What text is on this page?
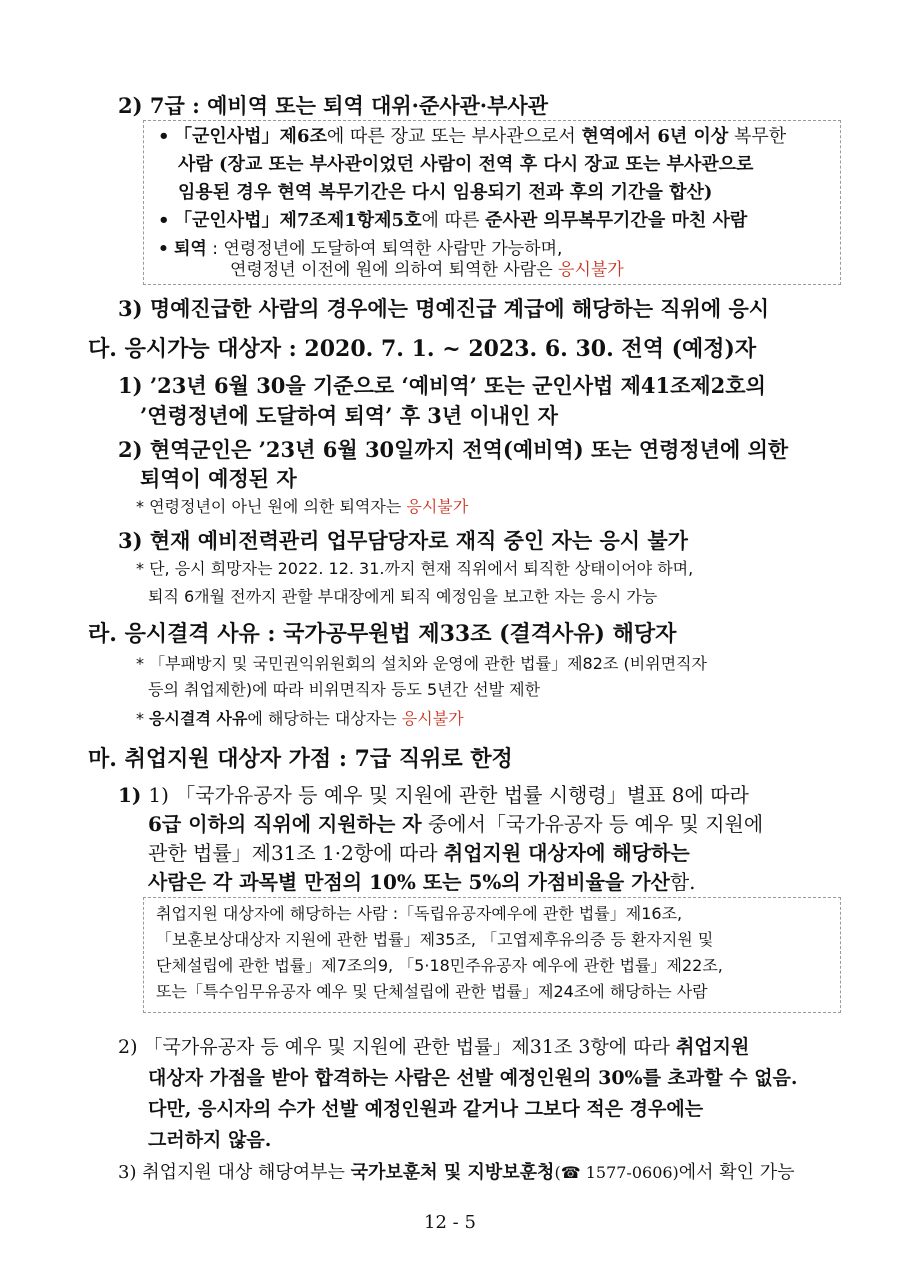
2) 7급 : 예비역 또는 퇴역 대위·준사관·부사관
• 「군인사법」제6조에 따른 장교 또는 부사관으로서 현역에서 6년 이상 복무한
사람 (장교 또는 부사관이었던 사람이 전역 후 다시 장교 또는 부사관으로
임용된 경우 현역 복무기간은 다시 임용되기 전과 후의 기간을 합산)
• 「군인사법」제7조제1항제5호에 따른 준사관 의무복무기간을 마친 사람
• 퇴역 : 연령정년에 도달하여 퇴역한 사람만 가능하며,
연령정년 이전에 원에 의하여 퇴역한 사람은 응시불가
3) 명예진급한 사람의 경우에는 명예진급 계급에 해당하는 직위에 응시
다. 응시가능 대상자 : 2020. 7. 1. ~ 2023. 6. 30. 전역 (예정)자
1) ’23년 6월 30을 기준으로 ‘예비역’ 또는 군인사법 제41조제2호의
’연령정년에 도달하여 퇴역’ 후 3년 이내인 자
2) 현역군인은 ’23년 6월 30일까지 전역(예비역) 또는 연령정년에 의한
퇴역이 예정된 자
* 연령정년이 아닌 원에 의한 퇴역자는 응시불가
3) 현재 예비전력관리 업무담당자로 재직 중인 자는 응시 불가
* 단, 응시 희망자는 2022. 12. 31.까지 현재 직위에서 퇴직한 상태이어야 하며,
퇴직 6개월 전까지 관할 부대장에게 퇴직 예정임을 보고한 자는 응시 가능
라. 응시결격 사유 : 국가공무원법 제33조 (결격사유) 해당자
* 「부패방지 및 국민권익위원회의 설치와 운영에 관한 법률」제82조 (비위면직자
등의 취업제한)에 따라 비위면직자 등도 5년간 선발 제한
* 응시결격 사유에 해당하는 대상자는 응시불가
마. 취업지원 대상자 가점 : 7급 직위로 한정
1) 1) 「국가유공자 등 예우 및 지원에 관한 법률 시행령」별표 8에 따라
6급 이하의 직위에 지원하는 자 중에서「국가유공자 등 예우 및 지원에
관한 법률」제31조 1·2항에 따라 취업지원 대상자에 해당하는
사람은 각 과목별 만점의 10% 또는 5%의 가점비율을 가산함.
취업지원 대상자에 해당하는 사람 :「독립유공자예우에 관한 법률」제16조,
「보훈보상대상자 지원에 관한 법률」제35조, 「고엽제후유의증 등 환자지원 및
단체설립에 관한 법률」제7조의9, 「5·18민주유공자 예우에 관한 법률」제22조,
또는「특수임무유공자 예우 및 단체설립에 관한 법률」제24조에 해당하는 사람
2) 「국가유공자 등 예우 및 지원에 관한 법률」제31조 3항에 따라 취업지원
대상자 가점을 받아 합격하는 사람은 선발 예정인원의 30%를 초과할 수 없음.
다만, 응시자의 수가 선발 예정인원과 같거나 그보다 적은 경우에는
그러하지 않음.
3) 취업지원 대상 해당여부는 국가보훈처 및 지방보훈청(☎ 1577-0606)에서 확인 가능
12 - 5
